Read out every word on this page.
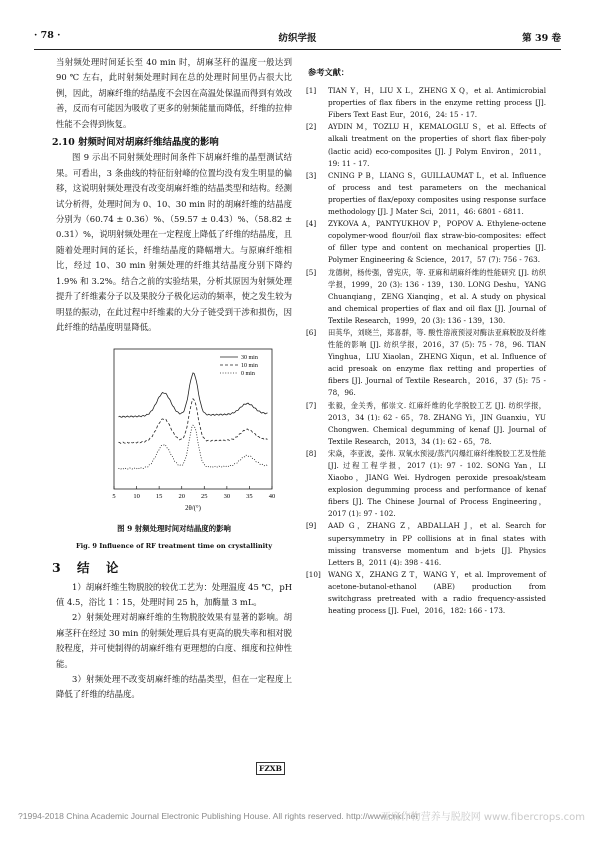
· 78 ·	纺织学报	第 39 卷

当射频处理时间延长至 40 min 时，胡麻茎秆的温度一般达到 90 ℃ 左右，此时射频处理时间在总的处理时间里仍占很大比例，因此，胡麻纤维的结晶度不会因在高温处保温而得到有效改善，反而有可能因为吸收了更多的射频能量而降低，纤维的拉伸性能不会得到恢复。

2.10 射频时间对胡麻纤维结晶度的影响

图 9 示出不同射频处理时间条件下胡麻纤维的晶型测试结果。可看出，3 条曲线的特征衍射峰的位置均没有发生明显的偏移，这说明射频处理没有改变胡麻纤维的结晶类型和结构。经测试分析得，处理时间为 0、10、30 min 时的胡麻纤维的结晶度分别为（60.74 ± 0.36）%、（59.57 ± 0.43）%、（58.82 ± 0.31）%，说明射频处理在一定程度上降低了纤维的结晶度，且随着处理时间的延长，纤维结晶度的降幅增大。与原麻纤维相比，经过 10、30 min 射频处理的纤维其结晶度分别下降约 1.9% 和 3.2%。结合之前的实验结果，分析其原因为射频处理提升了纤维素分子以及果胶分子极化运动的频率，使之发生较为明显的振动，在此过程中纤维素的大分子链受到干涉和损伤，因此纤维的结晶度明显降低。

5	10 15 20 25 30 35 40
2θ/(°)
30 min
10 min
0 min
图 9 射频处理时间对结晶度的影响
Fig. 9 Influence of RF treatment time on crystallinity
3 结 论

1）胡麻纤维生物脱胶的较优工艺为：处理温度 45 ℃，pH 值 4.5，浴比 1∶15，处理时间 25 h，加酶量 3 mL。

2）射频处理对胡麻纤维的生物脱胶效果有显著的影响。胡麻茎秆在经过 30 min 的射频处理后具有更高的脱失率和相对脱胶程度，并可使制得的胡麻纤维有更理想的白度、细度和拉伸性能。

3）射频处理不改变胡麻纤维的结晶类型，但在一定程度上降低了纤维的结晶度。

FZXB
参考文献：
[1] TIAN Y，H，LIU X L，ZHENG X Q，et al. Antimicrobial properties of flax fibers in the enzyme retting process [J]. Fibers Text East Eur，2016，24: 15 - 17.
[2] AYDIN M，TOZLU H，KEMALOGLU S，et al. Effects of alkali treatment on the properties of short flax fiber-poly (lactic acid) eco-composites [J]. J Polym Environ，2011，19: 11 - 17.
[3] CNING P B，LIANG S，GUILLAUMAT L，et al. Influence of process and test parameters on the mechanical properties of flax/epoxy composites using response surface methodology [J]. J Mater Sci，2011，46: 6801 - 6811.
[4] ZYKOVA A，PANTYUKHOV P，POPOV A. Ethylene-octene copolymer-wood flour/oil flax straw-bio-composites: effect of filler type and content on mechanical properties [J]. Polymer Engineering & Science，2017，57 (7): 756 - 763.
[5] 龙德树，杨传强，曾宪庆，等. 亚麻和胡麻纤维的性能研究 [J]. 纺织学报，1999，20 (3): 136 - 139，130. LONG Deshu，YANG Chuanqiang，ZENG Xianqing，et al. A study on physical and chemical properties of flax and oil flax [J]. Journal of Textile Research，1999，20 (3): 136 - 139，130.
[6] 田英华，刘晓兰，郑喜群，等. 酸性溶液预浸对酶法亚麻脱胶及纤维性能的影响 [J]. 纺织学报，2016，37 (5): 75 - 78，96. TIAN Yinghua，LIU Xiaolan，ZHENG Xiqun，et al. Influence of acid presoak on enzyme flax retting and properties of fibers [J]. Journal of Textile Research，2016，37 (5): 75 - 78，96.
[7] 张毅，金关秀，郁崇文. 红麻纤维的化学脱胶工艺 [J]. 纺织学报，2013，34 (1): 62 - 65，78. ZHANG Yi，JIN Guanxiu，YU Chongwen. Chemical degumming of kenaf [J]. Journal of Textile Research，2013，34 (1): 62 - 65，78.
[8] 宋焱，李亚波，姜伟. 双氧水预浸/蒸汽闪爆红麻纤维脱胶工艺及性能 [J]. 过程工程学报，2017 (1): 97 - 102. SONG Yan，LI Xiaobo，JIANG Wei. Hydrogen peroxide presoak/steam explosion degumming process and performance of kenaf fibers [J]. The Chinese Journal of Process Engineering，2017 (1): 97 - 102.
[9] AAD G，ZHANG Z，ABDALLAH J，et al. Search for supersymmetry in PP collisions at in final states with missing transverse momentum and b-jets [J]. Physics Letters B，2011 (4): 398 - 416.
[10] WANG X，ZHANG Z T，WANG Y，et al. Improvement of acetone-butanol-ethanol (ABE) production from switchgrass pretreated with a radio frequency-assisted heating process [J]. Fuel，2016，182: 166 - 173.
?1994-2018 China Academic Journal Electronic Publishing House. All rights reserved. http://www.cnki.net
亚麻作物营养与脱胶网 www.fibercrops.com
